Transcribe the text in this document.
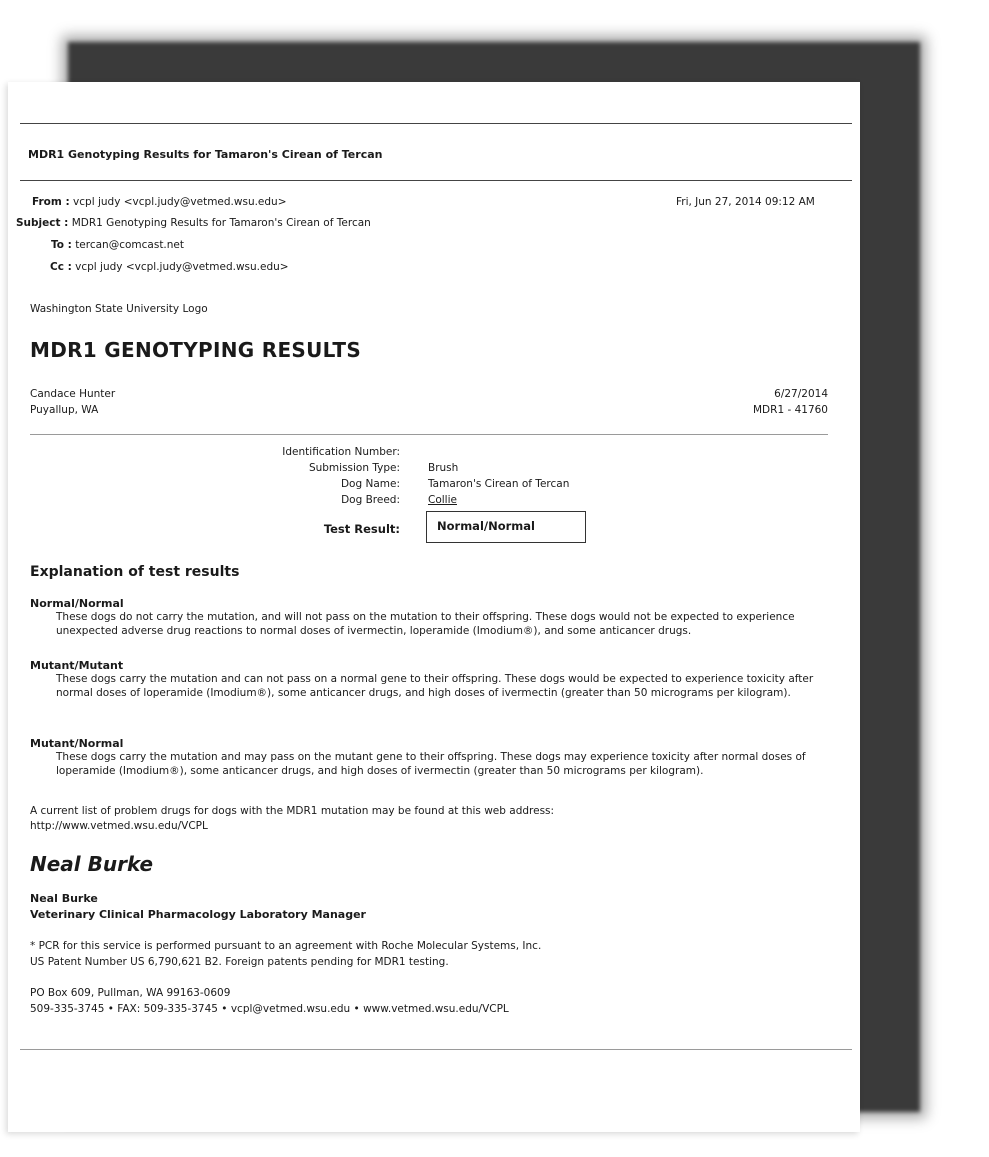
MDR1 Genotyping Results for Tamaron's Cirean of Tercan
From : vcpl judy <vcpl.judy@vetmed.wsu.edu>	Fri, Jun 27, 2014 09:12 AM
Subject : MDR1 Genotyping Results for Tamaron's Cirean of Tercan
To : tercan@comcast.net
Cc : vcpl judy <vcpl.judy@vetmed.wsu.edu>
Washington State University Logo
MDR1 GENOTYPING RESULTS
Candace Hunter
Puyallup, WA
6/27/2014
MDR1 - 41760
Identification Number:
Submission Type:	Brush
Dog Name:	Tamaron's Cirean of Tercan
Dog Breed:	Collie
Test Result:	Normal/Normal
Explanation of test results
Normal/Normal
These dogs do not carry the mutation, and will not pass on the mutation to their offspring. These dogs would not be expected to experience unexpected adverse drug reactions to normal doses of ivermectin, loperamide (Imodium®), and some anticancer drugs.
Mutant/Mutant
These dogs carry the mutation and can not pass on a normal gene to their offspring. These dogs would be expected to experience toxicity after normal doses of loperamide (Imodium®), some anticancer drugs, and high doses of ivermectin (greater than 50 micrograms per kilogram).
Mutant/Normal
These dogs carry the mutation and may pass on the mutant gene to their offspring. These dogs may experience toxicity after normal doses of loperamide (Imodium®), some anticancer drugs, and high doses of ivermectin (greater than 50 micrograms per kilogram).
A current list of problem drugs for dogs with the MDR1 mutation may be found at this web address:
http://www.vetmed.wsu.edu/VCPL
Neal Burke
Neal Burke
Veterinary Clinical Pharmacology Laboratory Manager
* PCR for this service is performed pursuant to an agreement with Roche Molecular Systems, Inc.
US Patent Number US 6,790,621 B2. Foreign patents pending for MDR1 testing.
PO Box 609, Pullman, WA 99163-0609
509-335-3745 • FAX: 509-335-3745 • vcpl@vetmed.wsu.edu • www.vetmed.wsu.edu/VCPL
